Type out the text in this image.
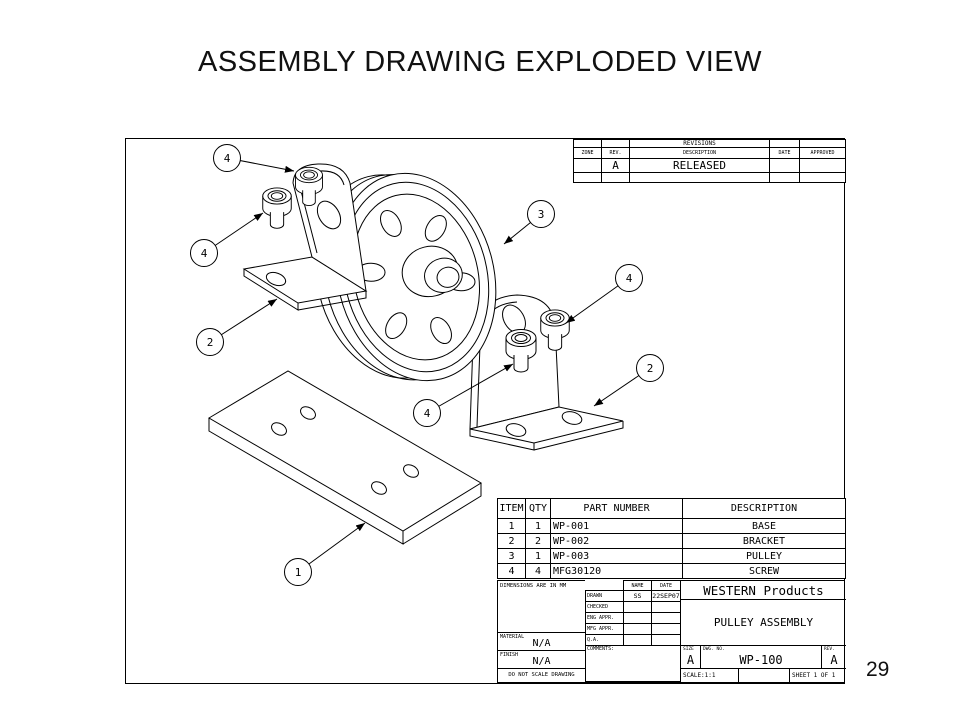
ASSEMBLY DRAWING EXPLODED VIEW
4
4
2
3
4
2
4
1
		REVISIONS		
ZONE	REV.	DESCRIPTION	DATE	APPROVED
	A	RELEASED		

ITEM	QTY	PART NUMBER	DESCRIPTION
1	1	WP-001	BASE
2	2	WP-002	BRACKET
3	1	WP-003	PULLEY
4	4	MFG30120	SCREW
DIMENSIONS ARE IN MM
MATERIAL
N/A
FINISH
N/A
DO NOT SCALE DRAWING
	NAME	DATE
DRAWN	SS	22SEP07
CHECKED		
ENG APPR.		
MFG APPR.		
Q.A.		
COMMENTS:		
WESTERN Products
PULLEY ASSEMBLY
SIZE
A
DWG. NO.
WP-100
REV.
A
SCALE:1:1	SHEET 1 OF 1	29
